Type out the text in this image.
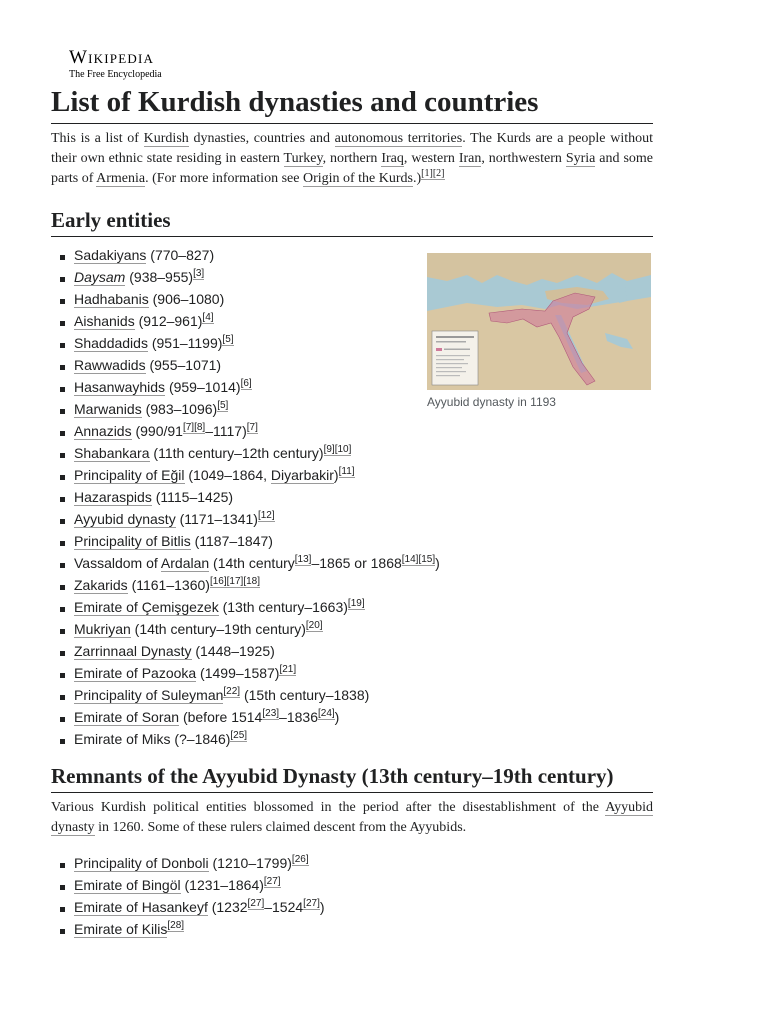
Wikipedia
The Free Encyclopedia
List of Kurdish dynasties and countries

This is a list of Kurdish dynasties, countries and autonomous territories. The Kurds are a people without their own ethnic state residing in eastern Turkey, northern Iraq, western Iran, northwestern Syria and some parts of Armenia. (For more information see Origin of the Kurds.)[1][2]

Early entities
Sadakiyans (770–827)
Daysam (938–955)[3]
Hadhabanis (906–1080)
Aishanids (912–961)[4]
Shaddadids (951–1199)[5]
Rawwadids (955–1071)
Hasanwayhids (959–1014)[6]
Marwanids (983–1096)[5]
Annazids (990/91[7][8]–1117)[7]
Shabankara (11th century–12th century)[9][10]
Principality of Eğil (1049–1864, Diyarbakir)[11]
Hazaraspids (1115–1425)
Ayyubid dynasty (1171–1341)[12]
Principality of Bitlis (1187–1847)
Vassaldom of Ardalan (14th century[13]–1865 or 1868[14][15])
Zakarids (1161–1360)[16][17][18]
Emirate of Çemişgezek (13th century–1663)[19]
Mukriyan (14th century–19th century)[20]
Zarrinnaal Dynasty (1448–1925)
Emirate of Pazooka (1499–1587)[21]
Principality of Suleyman[22] (15th century–1838)
Emirate of Soran (before 1514[23]–1836[24])
Emirate of Miks (?–1846)[25]
Ayyubid dynasty in 1193
Remnants of the Ayyubid Dynasty (13th century–19th century)

Various Kurdish political entities blossomed in the period after the disestablishment of the Ayyubid dynasty in 1260. Some of these rulers claimed descent from the Ayyubids.

Principality of Donboli (1210–1799)[26]
Emirate of Bingöl (1231–1864)[27]
Emirate of Hasankeyf (1232[27]–1524[27])
Emirate of Kilis[28]
